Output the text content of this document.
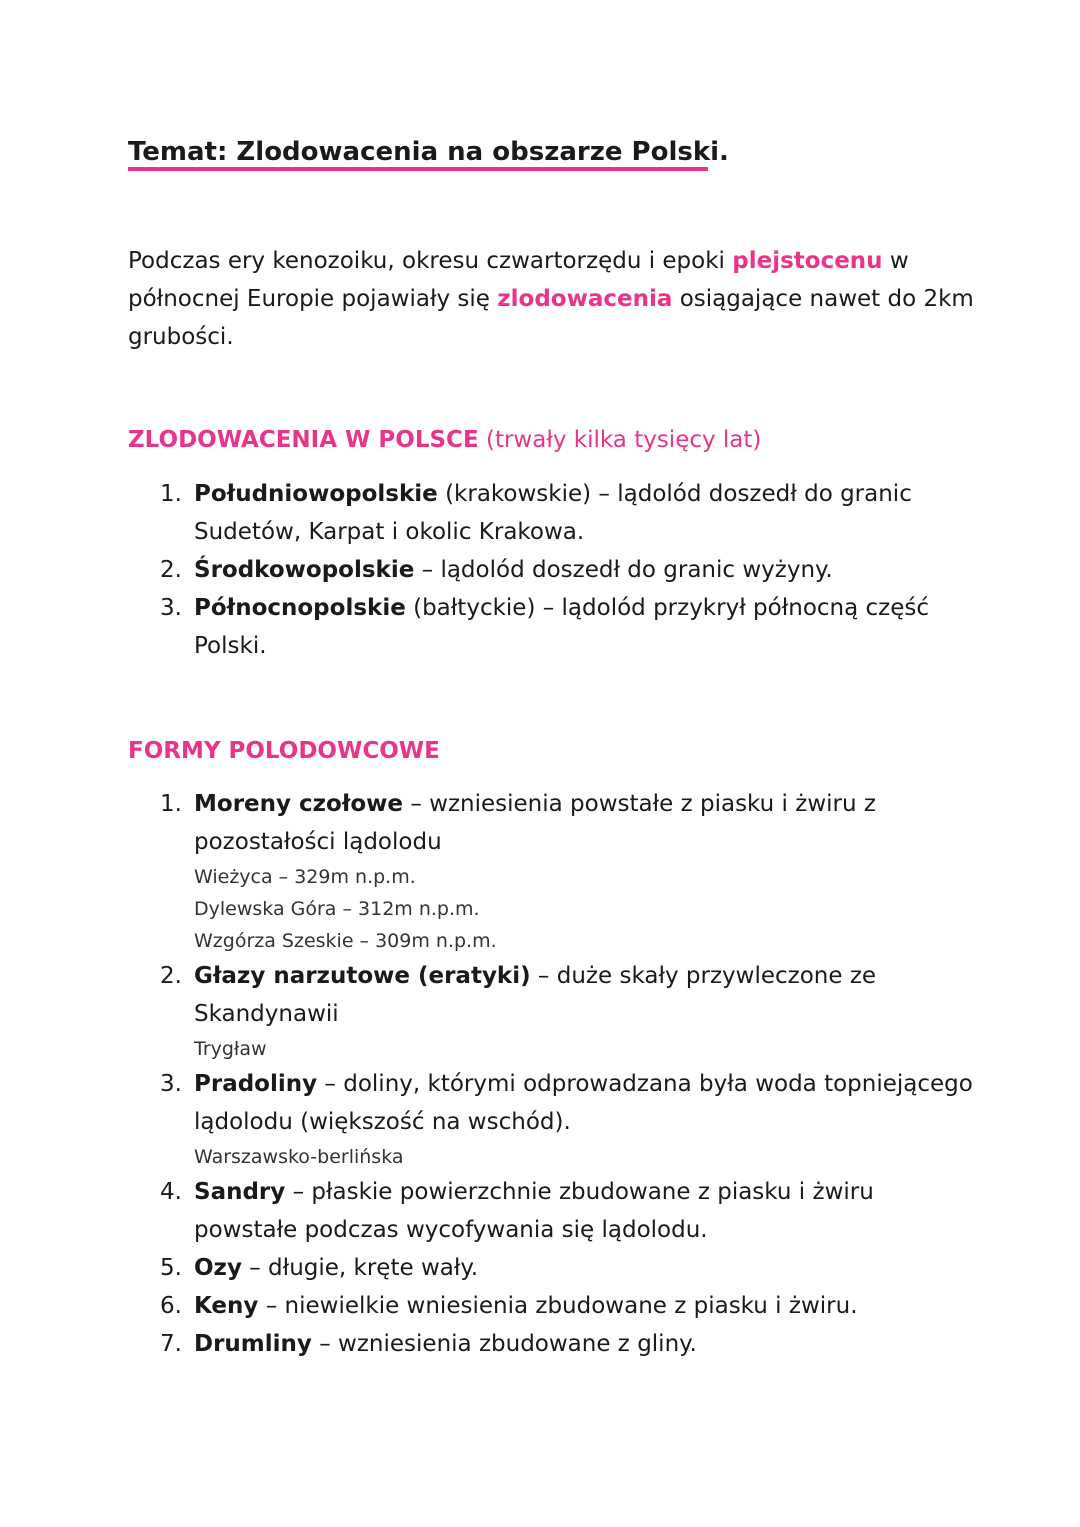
Temat: Zlodowacenia na obszarze Polski.
Podczas ery kenozoiku, okresu czwartorzędu i epoki plejstocenu w północnej Europie pojawiały się zlodowacenia osiągające nawet do 2km grubości.
ZLODOWACENIA W POLSCE (trwały kilka tysięcy lat)
1. Południowopolskie (krakowskie) – lądolód doszedł do granic Sudetów, Karpat i okolic Krakowa.
2. Środkowopolskie – lądolód doszedł do granic wyżyny.
3. Północnopolskie (bałtyckie) – lądolód przykrył północną część Polski.
FORMY POLODOWCOWE
1. Moreny czołowe – wzniesienia powstałe z piasku i żwiru z pozostałości lądolodu
Wieżyca – 329m n.p.m.
Dylewska Góra – 312m n.p.m.
Wzgórza Szeskie – 309m n.p.m.
2. Głazy narzutowe (eratyki) – duże skały przywleczone ze Skandynawii
Trygław
3. Pradoliny – doliny, którymi odprowadzana była woda topniejącego lądolodu (większość na wschód).
Warszawsko-berlińska
4. Sandry – płaskie powierzchnie zbudowane z piasku i żwiru powstałe podczas wycofywania się lądolodu.
5. Ozy – długie, kręte wały.
6. Keny – niewielkie wniesienia zbudowane z piasku i żwiru.
7. Drumliny – wzniesienia zbudowane z gliny.
